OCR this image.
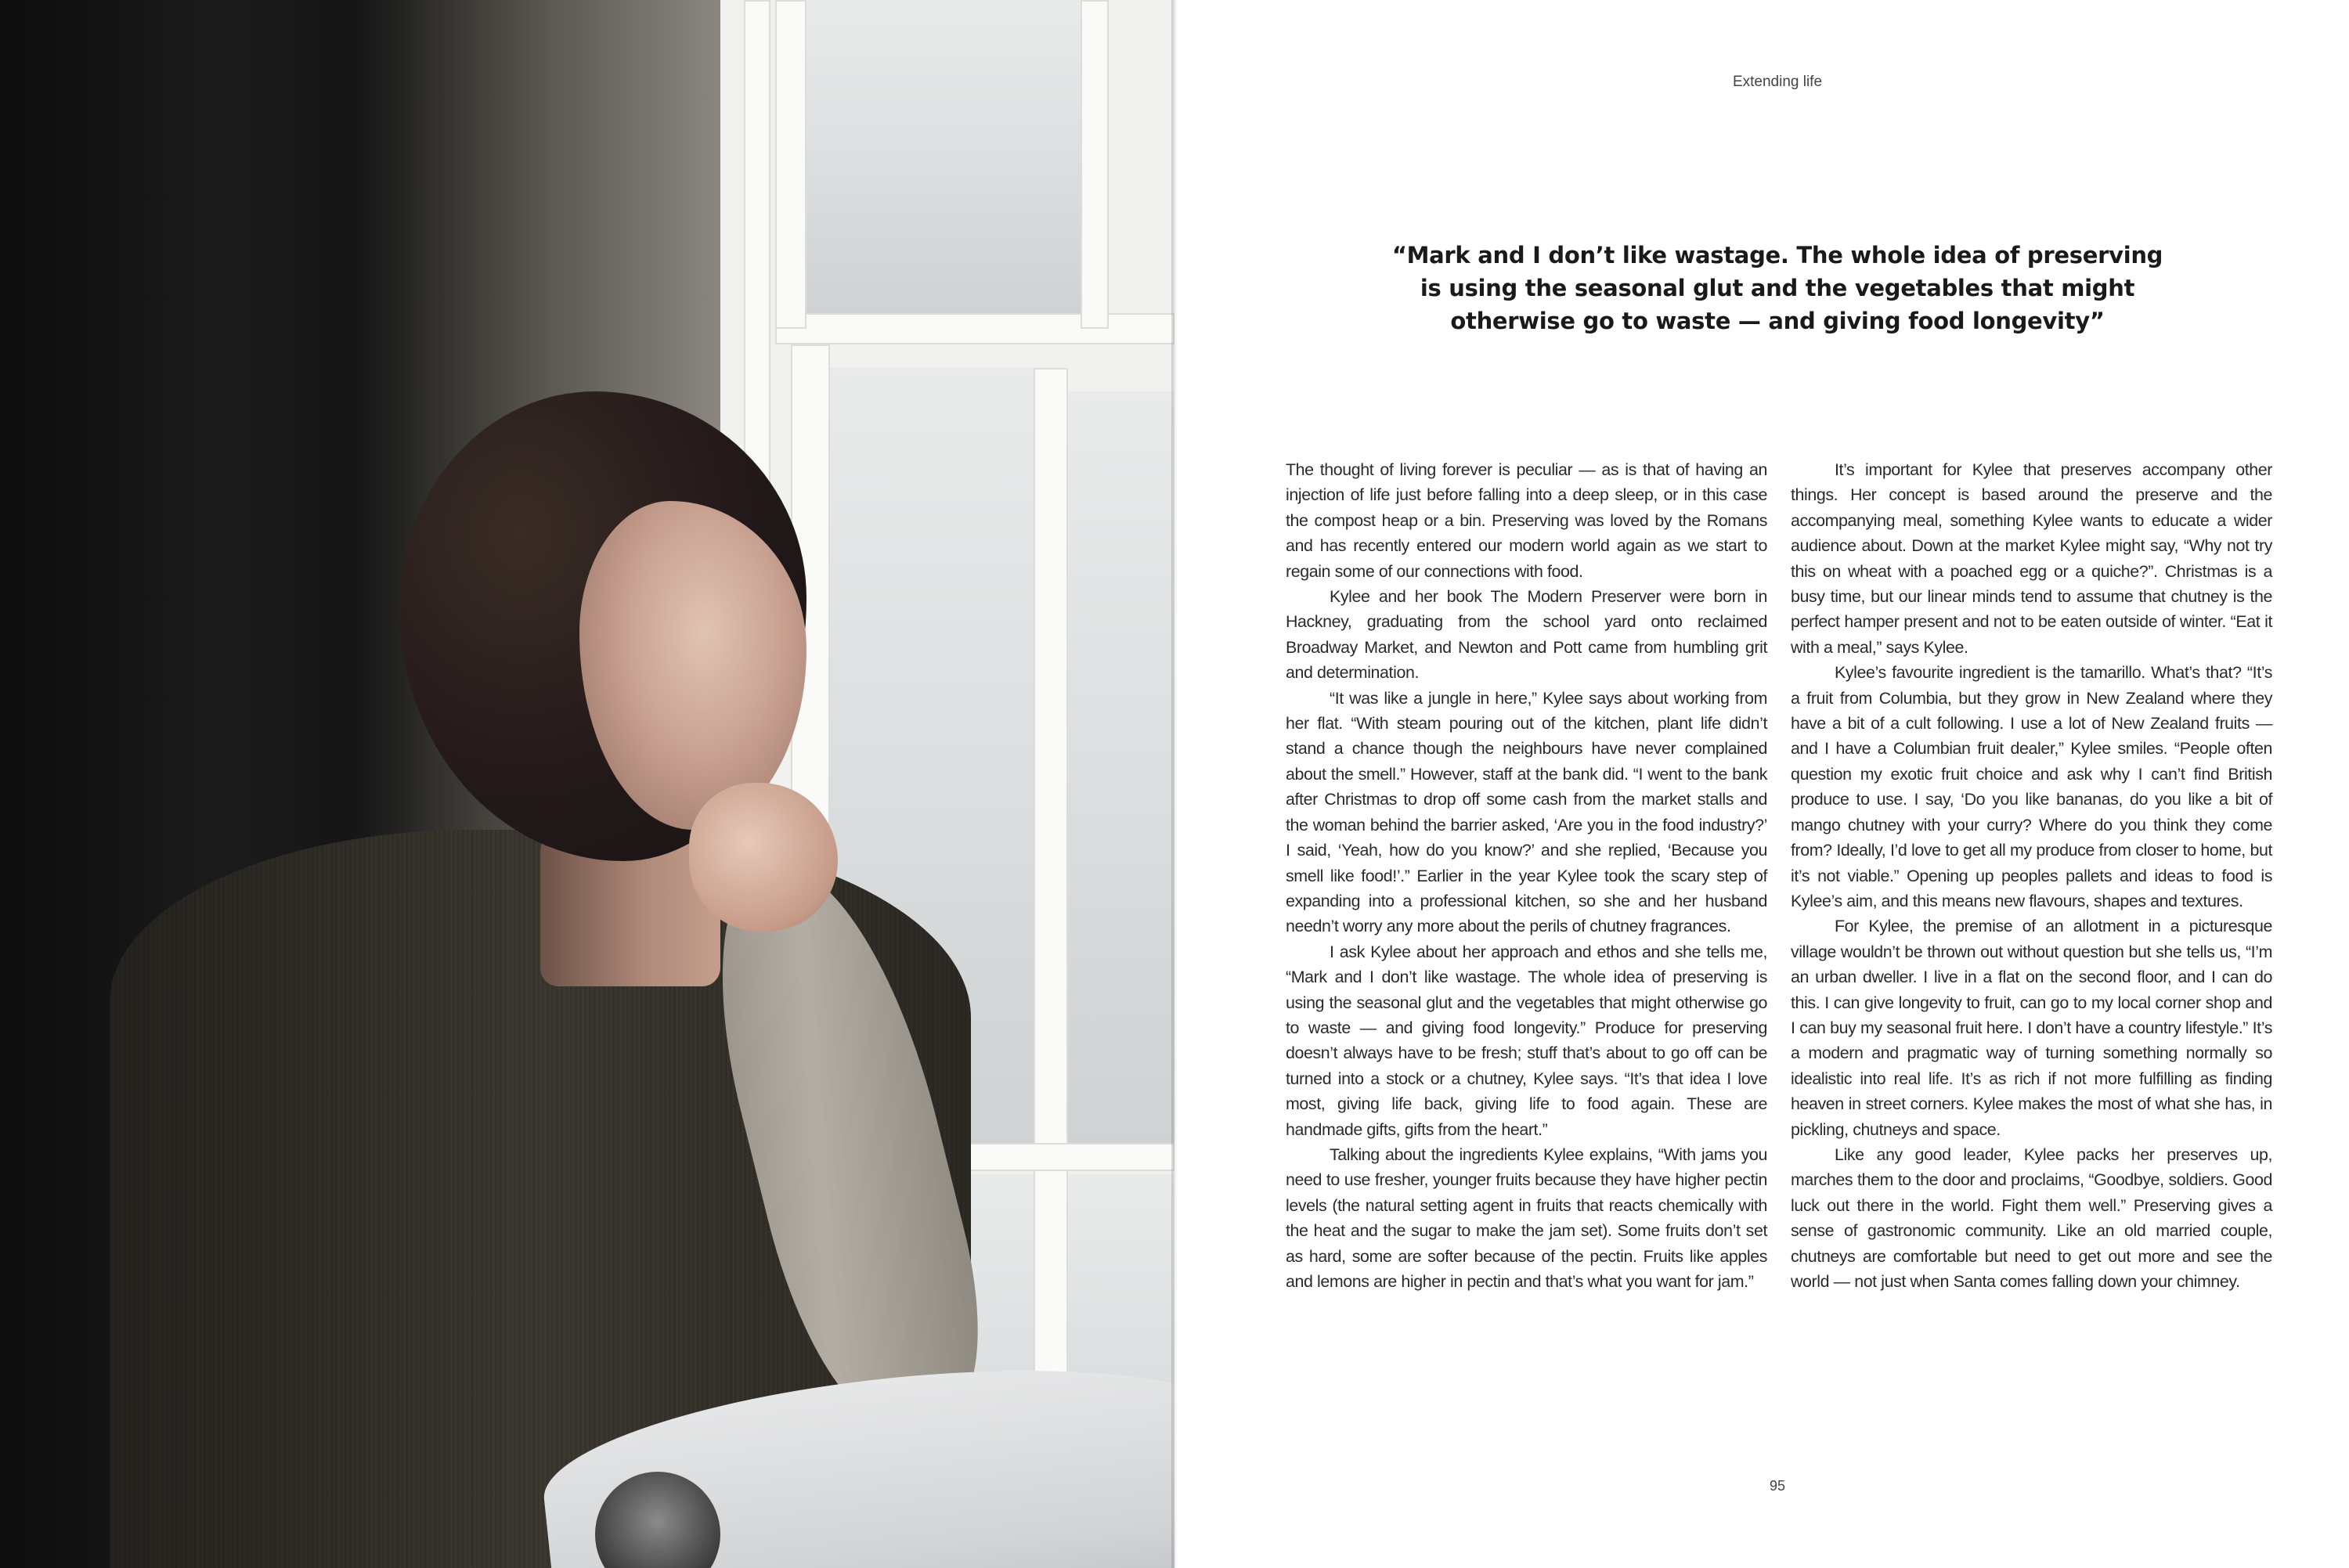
Extending life
“Mark and I don’t like wastage. The whole idea of preserving is using the seasonal glut and the vegetables that might otherwise go to waste — and giving food longevity”

The thought of living forever is peculiar — as is that of having an injection of life just before falling into a deep sleep, or in this case the compost heap or a bin. Preserving was loved by the Romans and has recently entered our modern world again as we start to regain some of our connections with food.

Kylee and her book The Modern Preserver were born in Hackney, graduating from the school yard onto reclaimed Broadway Market, and Newton and Pott came from humbling grit and determination.

“It was like a jungle in here,” Kylee says about working from her flat. “With steam pouring out of the kitchen, plant life didn’t stand a chance though the neighbours have never complained about the smell.” However, staff at the bank did. “I went to the bank after Christmas to drop off some cash from the market stalls and the woman behind the barrier asked, ‘Are you in the food industry?’ I said, ‘Yeah, how do you know?’ and she replied, ‘Because you smell like food!’.” Earlier in the year Kylee took the scary step of expanding into a professional kitchen, so she and her husband needn’t worry any more about the perils of chutney fragrances.

I ask Kylee about her approach and ethos and she tells me, “Mark and I don’t like wastage. The whole idea of preserving is using the seasonal glut and the vegetables that might otherwise go to waste — and giving food longevity.” Produce for preserving doesn’t always have to be fresh; stuff that’s about to go off can be turned into a stock or a chutney, Kylee says. “It’s that idea I love most, giving life back, giving life to food again. These are handmade gifts, gifts from the heart.”

Talking about the ingredients Kylee explains, “With jams you need to use fresher, younger fruits because they have higher pectin levels (the natural setting agent in fruits that reacts chemically with the heat and the sugar to make the jam set). Some fruits don’t set as hard, some are softer because of the pectin. Fruits like apples and lemons are higher in pectin and that’s what you want for jam.”

It’s important for Kylee that preserves accompany other things. Her concept is based around the preserve and the accompanying meal, something Kylee wants to educate a wider audience about. Down at the market Kylee might say, “Why not try this on wheat with a poached egg or a quiche?”. Christmas is a busy time, but our linear minds tend to assume that chutney is the perfect hamper present and not to be eaten outside of winter. “Eat it with a meal,” says Kylee.

Kylee’s favourite ingredient is the tamarillo. What’s that? “It’s a fruit from Columbia, but they grow in New Zealand where they have a bit of a cult following. I use a lot of New Zealand fruits — and I have a Columbian fruit dealer,” Kylee smiles. “People often question my exotic fruit choice and ask why I can’t find British produce to use. I say, ‘Do you like bananas, do you like a bit of mango chutney with your curry? Where do you think they come from? Ideally, I’d love to get all my produce from closer to home, but it’s not viable.” Opening up peoples pallets and ideas to food is Kylee’s aim, and this means new flavours, shapes and textures.

For Kylee, the premise of an allotment in a picturesque village wouldn’t be thrown out without question but she tells us, “I’m an urban dweller. I live in a flat on the second floor, and I can do this. I can give longevity to fruit, can go to my local corner shop and I can buy my seasonal fruit here. I don’t have a country lifestyle.” It’s a modern and pragmatic way of turning something normally so idealistic into real life. It’s as rich if not more fulfilling as finding heaven in street corners. Kylee makes the most of what she has, in pickling, chutneys and space.

Like any good leader, Kylee packs her preserves up, marches them to the door and proclaims, “Goodbye, soldiers. Good luck out there in the world. Fight them well.” Preserving gives a sense of gastronomic community. Like an old married couple, chutneys are comfortable but need to get out more and see the world — not just when Santa comes falling down your chimney.

95
